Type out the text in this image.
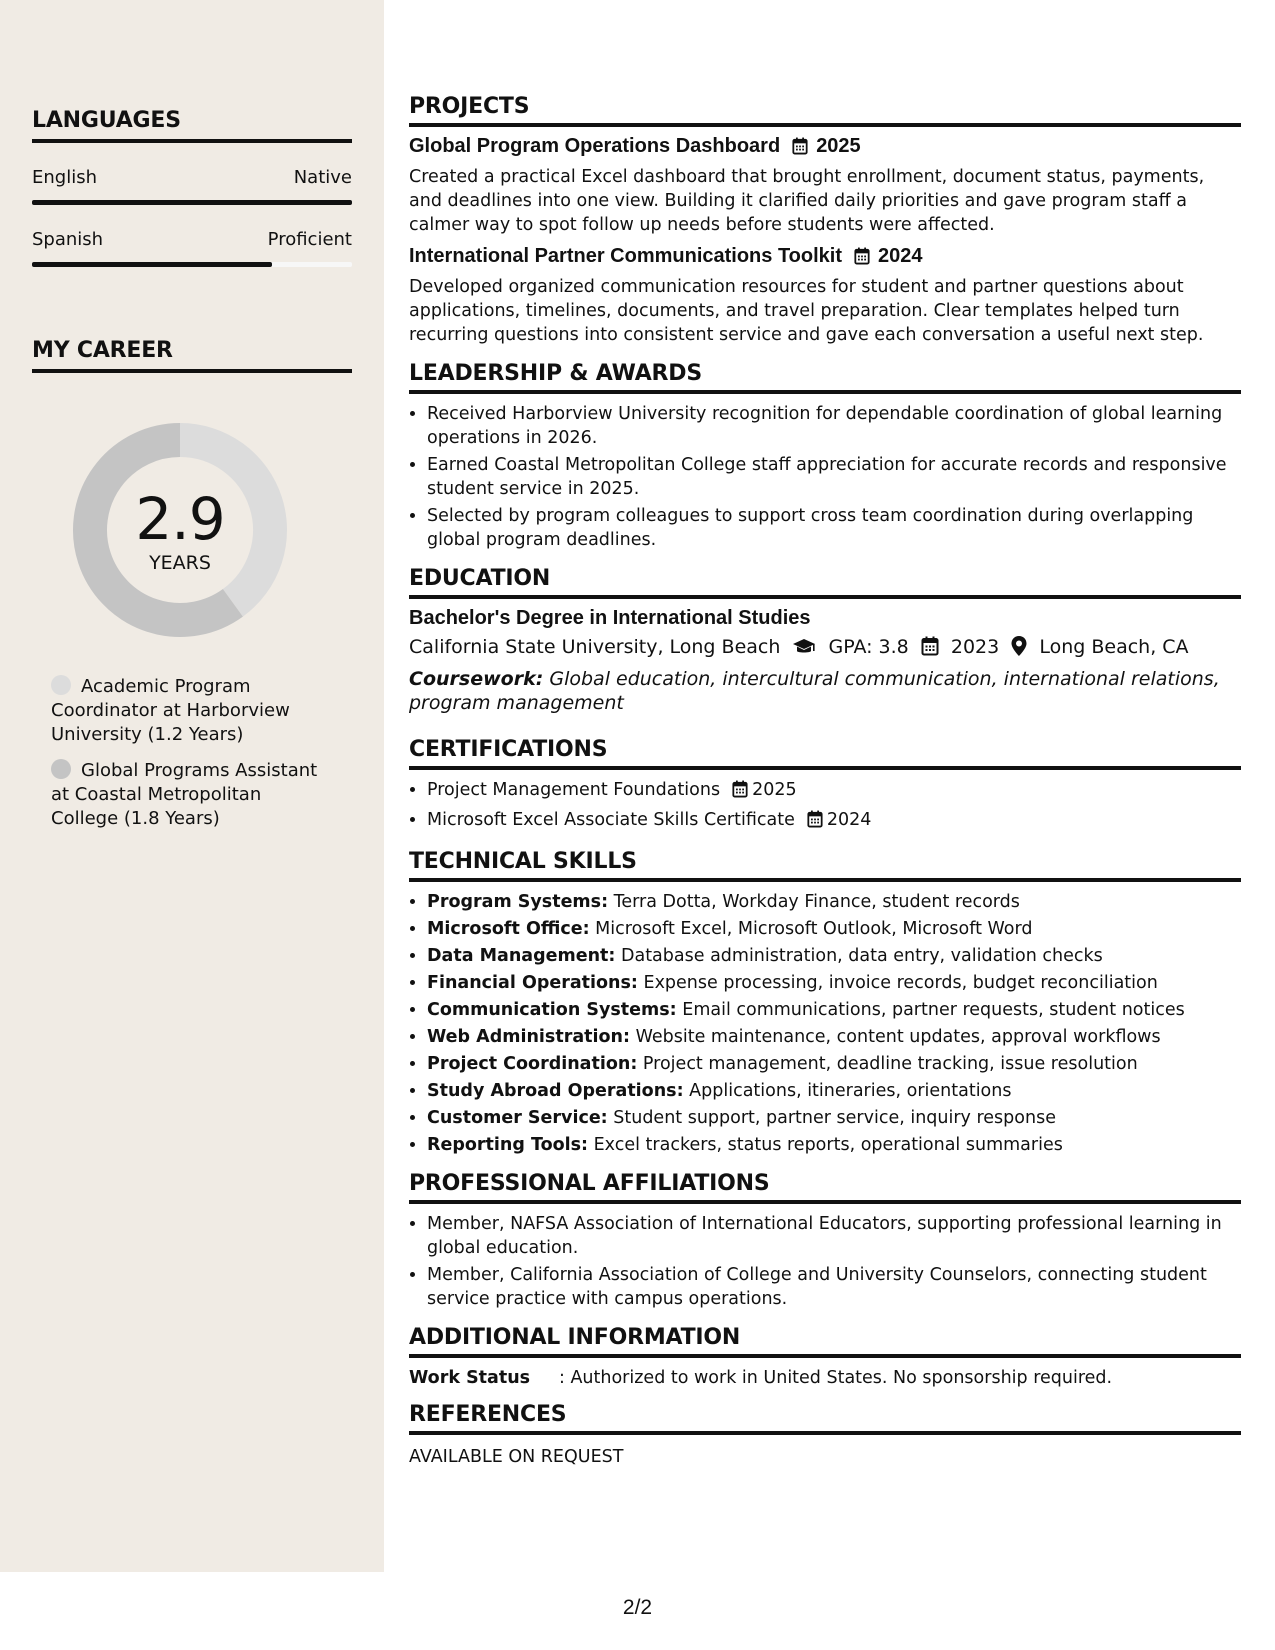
LANGUAGES
English	Native
Spanish	Proficient
MY CAREER
2.9
YEARS
Academic Program Coordinator at Harborview University (1.2 Years)
Global Programs Assistant at Coastal Metropolitan College (1.8 Years)
PROJECTS
Global Program Operations Dashboard 2025
Created a practical Excel dashboard that brought enrollment, document status, payments, and deadlines into one view. Building it clarified daily priorities and gave program staff a calmer way to spot follow up needs before students were affected.
International Partner Communications Toolkit 2024
Developed organized communication resources for student and partner questions about applications, timelines, documents, and travel preparation. Clear templates helped turn recurring questions into consistent service and gave each conversation a useful next step.
LEADERSHIP & AWARDS
• Received Harborview University recognition for dependable coordination of global learning operations in 2026.
• Earned Coastal Metropolitan College staff appreciation for accurate records and responsive student service in 2025.
• Selected by program colleagues to support cross team coordination during overlapping global program deadlines.
EDUCATION
Bachelor's Degree in International Studies
California State University, Long Beach	GPA: 3.8 2023 Long Beach, CA
Coursework: Global education, intercultural communication, international relations, program management
CERTIFICATIONS
• Project Management Foundations 2025
• Microsoft Excel Associate Skills Certificate 2024
TECHNICAL SKILLS
• Program Systems: Terra Dotta, Workday Finance, student records
• Microsoft Office: Microsoft Excel, Microsoft Outlook, Microsoft Word
• Data Management: Database administration, data entry, validation checks
• Financial Operations: Expense processing, invoice records, budget reconciliation
• Communication Systems: Email communications, partner requests, student notices
• Web Administration: Website maintenance, content updates, approval workflows
• Project Coordination: Project management, deadline tracking, issue resolution
• Study Abroad Operations: Applications, itineraries, orientations
• Customer Service: Student support, partner service, inquiry response
• Reporting Tools: Excel trackers, status reports, operational summaries
PROFESSIONAL AFFILIATIONS
• Member, NAFSA Association of International Educators, supporting professional learning in global education.
• Member, California Association of College and University Counselors, connecting student service practice with campus operations.
ADDITIONAL INFORMATION
Work Status	: Authorized to work in United States. No sponsorship required.
REFERENCES
AVAILABLE ON REQUEST
2/2
